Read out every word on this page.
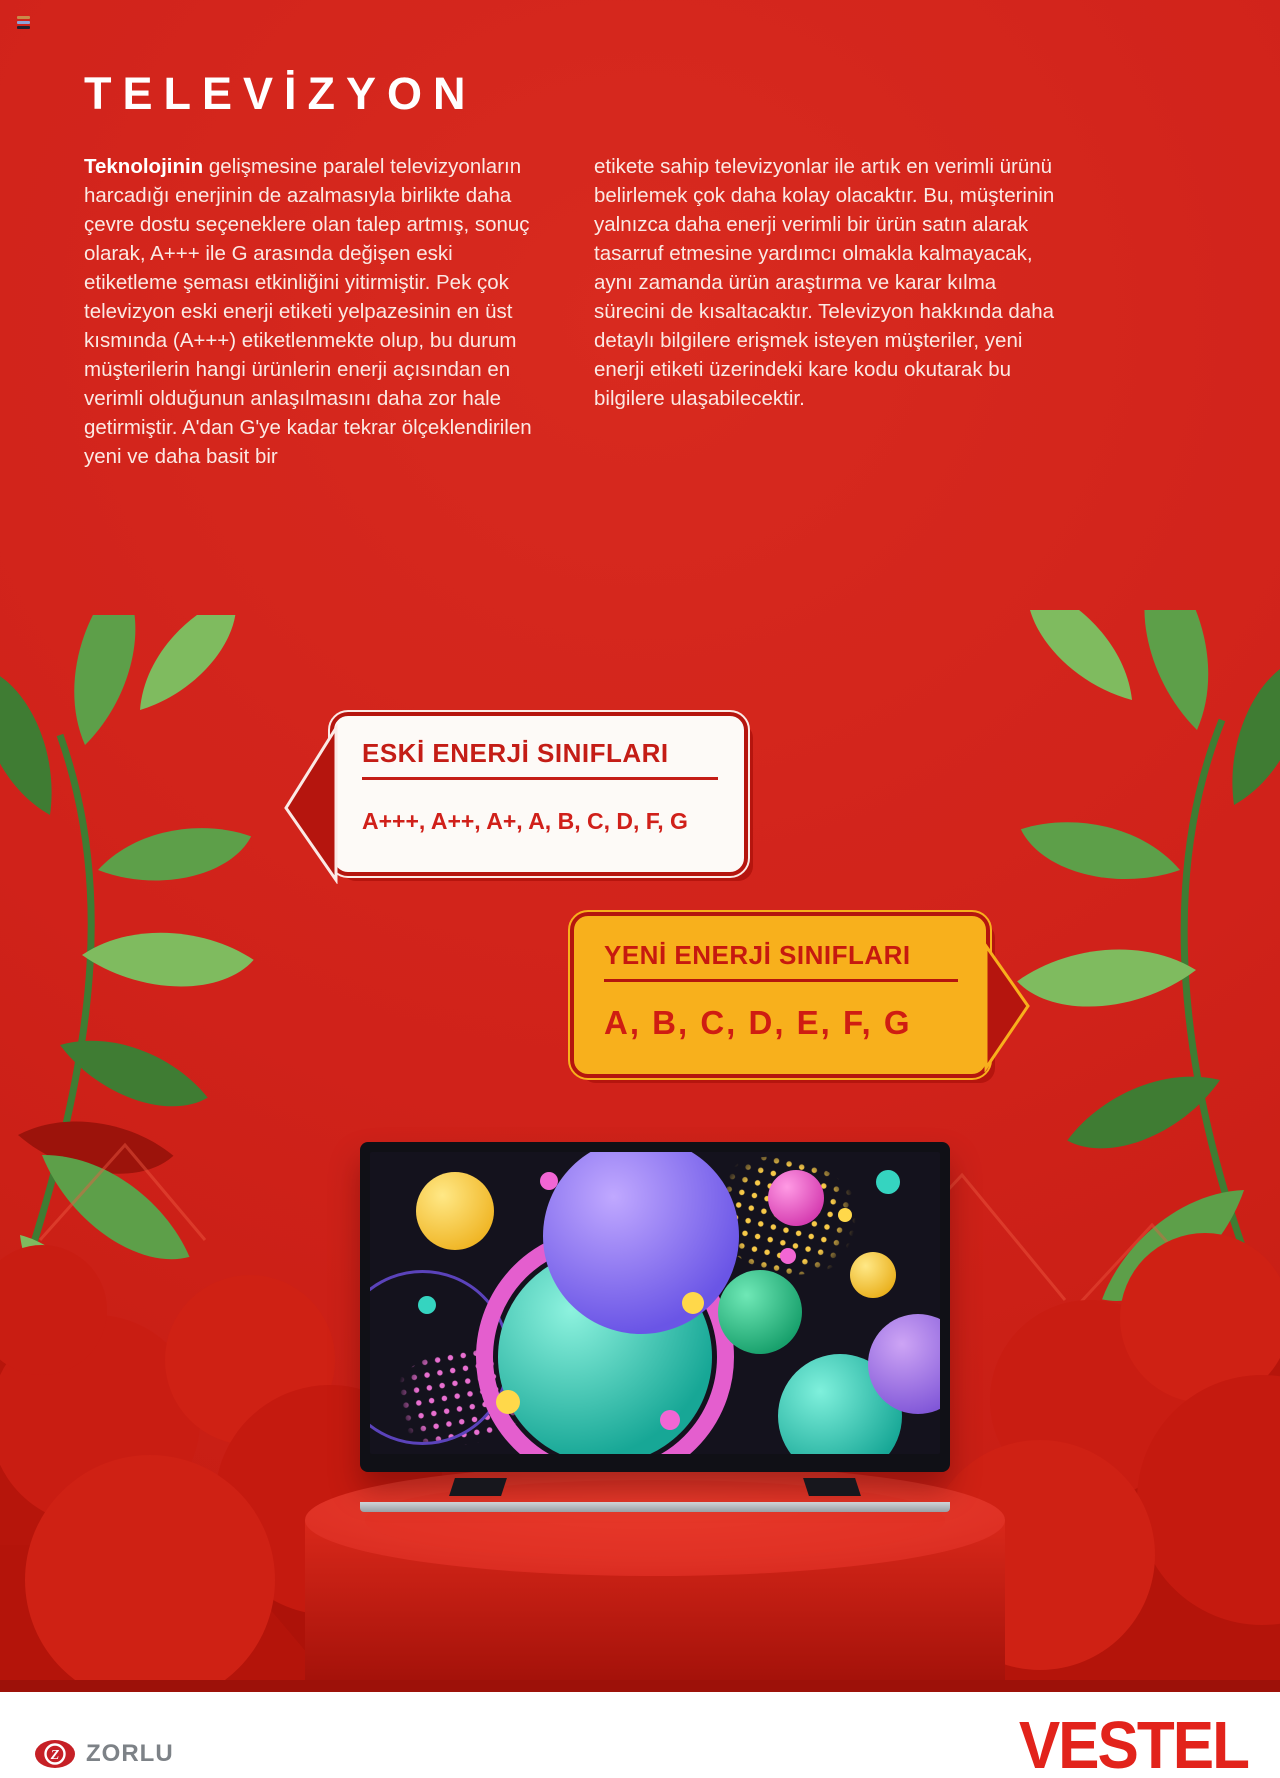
TELEVİZYON

Teknolojinin gelişmesine paralel televizyonların harcadığı enerjinin de azalmasıyla birlikte daha çevre dostu seçeneklere olan talep artmış, sonuç olarak, A+++ ile G arasında değişen eski etiketleme şeması etkinliğini yitirmiştir. Pek çok televizyon eski enerji etiketi yelpazesinin en üst kısmında (A+++) etiketlenmekte olup, bu durum müşterilerin hangi ürünlerin enerji açısından en verimli olduğunun anlaşılmasını daha zor hale getirmiştir. A'dan G'ye kadar tekrar ölçeklendirilen yeni ve daha basit bir

etikete sahip televizyonlar ile artık en verimli ürünü belirlemek çok daha kolay olacaktır. Bu, müşterinin yalnızca daha enerji verimli bir ürün satın alarak tasarruf etmesine yardımcı olmakla kalmayacak, aynı zamanda ürün araştırma ve karar kılma sürecini de kısaltacaktır. Televizyon hakkında daha detaylı bilgilere erişmek isteyen müşteriler, yeni enerji etiketi üzerindeki kare kodu okutarak bu bilgilere ulaşabilecektir.

ESKİ ENERJİ SINIFLARI
A+++, A++, A+, A, B, C, D, F, G
YENİ ENERJİ SINIFLARI
A, B, C, D, E, F, G
Z ZORLU	VESTEL
